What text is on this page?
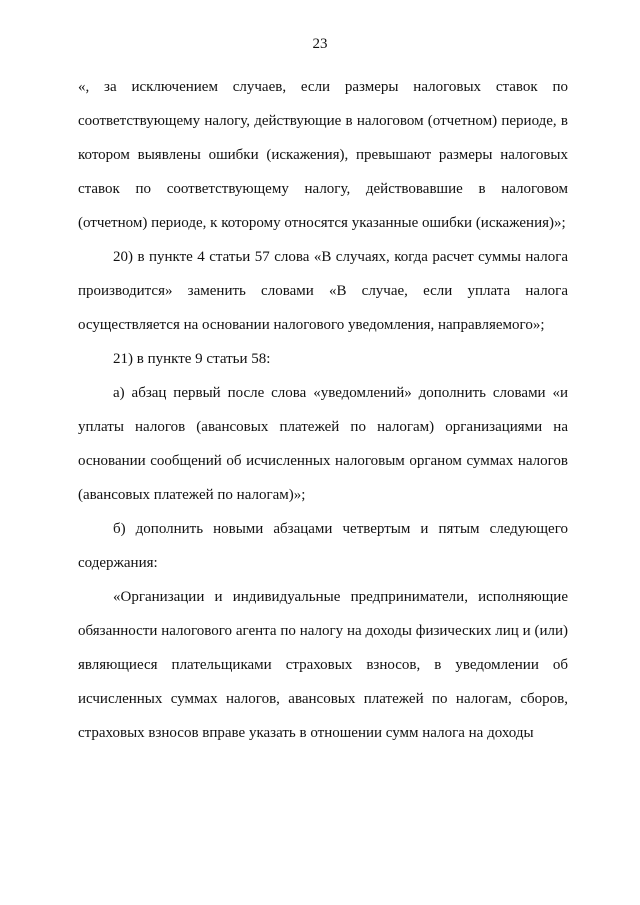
23

«, за исключением случаев, если размеры налоговых ставок по соответствующему налогу, действующие в налоговом (отчетном) периоде, в котором выявлены ошибки (искажения), превышают размеры налоговых ставок по соответствующему налогу, действовавшие в налоговом (отчетном) периоде, к которому относятся указанные ошибки (искажения)»;

20) в пункте 4 статьи 57 слова «В случаях, когда расчет суммы налога производится» заменить словами «В случае, если уплата налога осуществляется на основании налогового уведомления, направляемого»;

21) в пункте 9 статьи 58:

а) абзац первый после слова «уведомлений» дополнить словами «и уплаты налогов (авансовых платежей по налогам) организациями на основании сообщений об исчисленных налоговым органом суммах налогов (авансовых платежей по налогам)»;

б) дополнить новыми абзацами четвертым и пятым следующего содержания:

«Организации и индивидуальные предприниматели, исполняющие обязанности налогового агента по налогу на доходы физических лиц и (или) являющиеся плательщиками страховых взносов, в уведомлении об исчисленных суммах налогов, авансовых платежей по налогам, сборов, страховых взносов вправе указать в отношении сумм налога на доходы
